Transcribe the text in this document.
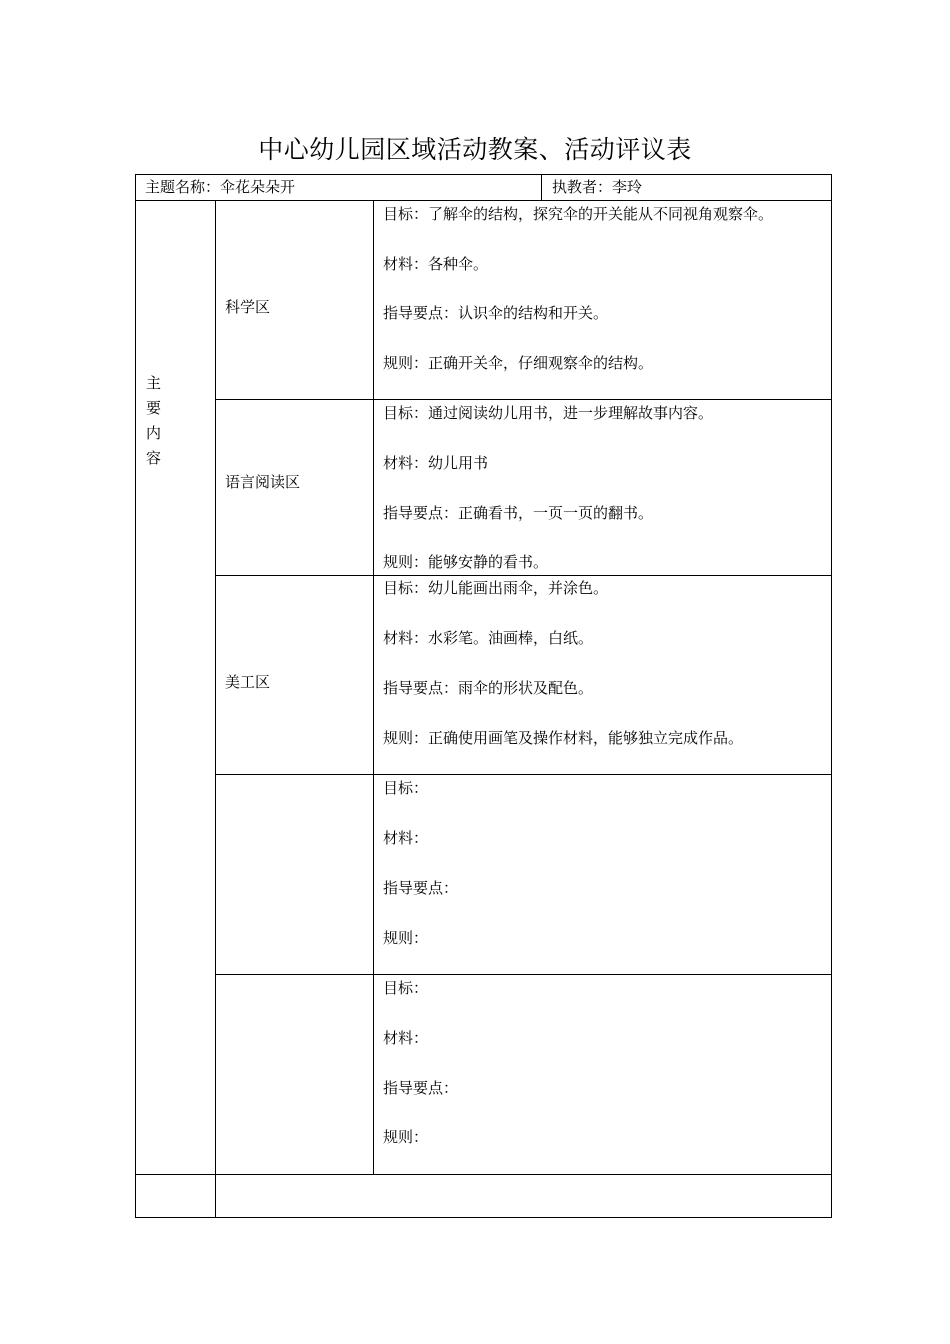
中心幼儿园区域活动教案、活动评议表
主题名称：伞花朵朵开	执教者：李玲
主
要
内
容
科学区
语言阅读区
美工区
目标：了解伞的结构，探究伞的开关能从不同视角观察伞。
材料：各种伞。
指导要点：认识伞的结构和开关。
规则：正确开关伞，仔细观察伞的结构。
目标：通过阅读幼儿用书，进一步理解故事内容。
材料：幼儿用书
指导要点：正确看书，一页一页的翻书。
规则：能够安静的看书。
目标：幼儿能画出雨伞，并涂色。
材料：水彩笔。油画棒，白纸。
指导要点：雨伞的形状及配色。
规则：正确使用画笔及操作材料，能够独立完成作品。
目标：
材料：
指导要点：
规则：
目标：
材料：
指导要点：
规则：
